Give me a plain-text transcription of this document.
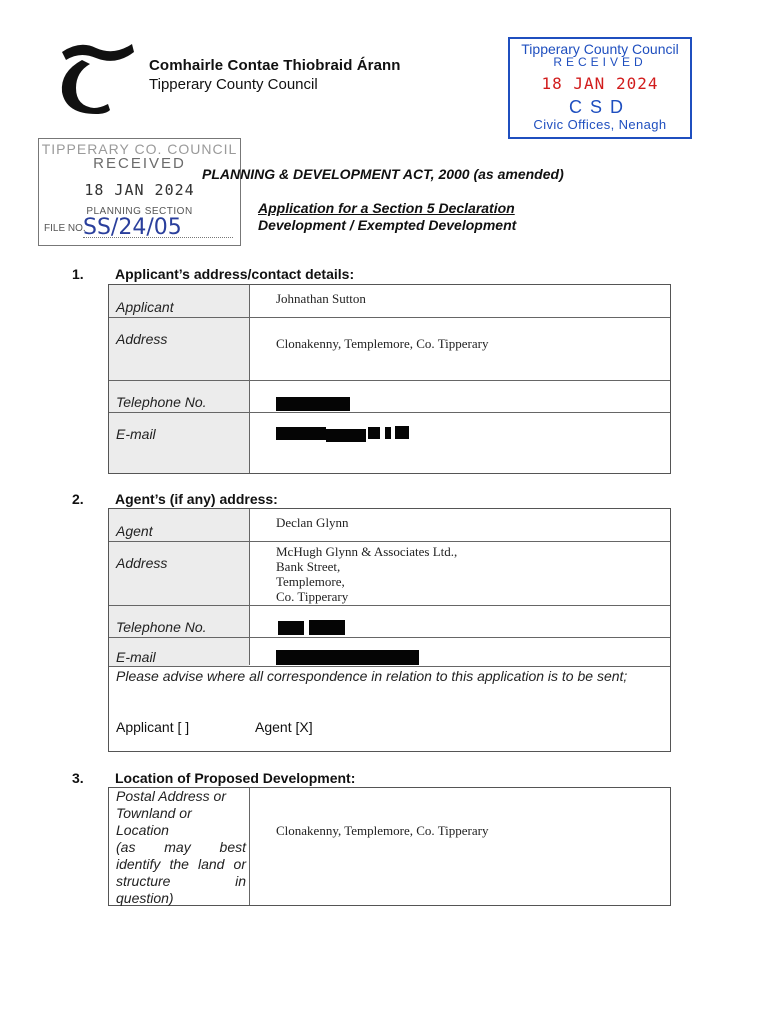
Comhairle Contae Thiobraid Árann
Tipperary County Council
Tipperary County Council
RECEIVED
18 JAN 2024
CSD
Civic Offices, Nenagh
TIPPERARY CO. COUNCIL
RECEIVED
18 JAN 2024
PLANNING SECTION
FILE NO.
SS/24/05
PLANNING & DEVELOPMENT ACT, 2000 (as amended)
Application for a Section 5 Declaration
Development / Exempted Development
1. Applicant’s address/contact details:
Applicant
Johnathan Sutton
Address	Clonakenny, Templemore, Co. Tipperary
Telephone No.
E-mail
2. Agent’s (if any) address:
Agent
Declan Glynn
Address
McHugh Glynn & Associates Ltd.,
Bank Street,
Templemore,
Co. Tipperary
Telephone No.
E-mail
Please advise where all correspondence in relation to this application is to be sent;
Applicant [ ]	Agent [X]
3. Location of Proposed Development:
Postal Address or
Townland or
Location
(as may best
identify the land or
structure in
question)
Clonakenny, Templemore, Co. Tipperary
